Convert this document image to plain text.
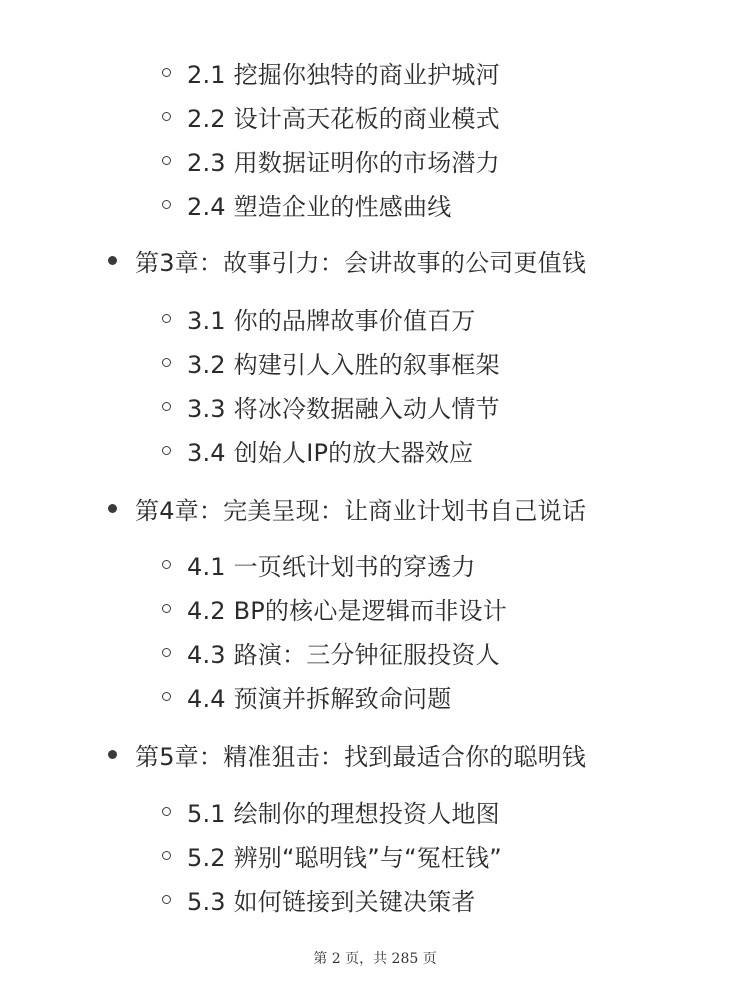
2.1 挖掘你独特的商业护城河
2.2 设计高天花板的商业模式
2.3 用数据证明你的市场潜力
2.4 塑造企业的性感曲线
第3章：故事引力：会讲故事的公司更值钱
3.1 你的品牌故事价值百万
3.2 构建引人入胜的叙事框架
3.3 将冰冷数据融入动人情节
3.4 创始人IP的放大器效应
第4章：完美呈现：让商业计划书自己说话
4.1 一页纸计划书的穿透力
4.2 BP的核心是逻辑而非设计
4.3 路演：三分钟征服投资人
4.4 预演并拆解致命问题
第5章：精准狙击：找到最适合你的聪明钱
5.1 绘制你的理想投资人地图
5.2 辨别“聪明钱”与“冤枉钱”
5.3 如何链接到关键决策者
第 2 页，共 285 页
